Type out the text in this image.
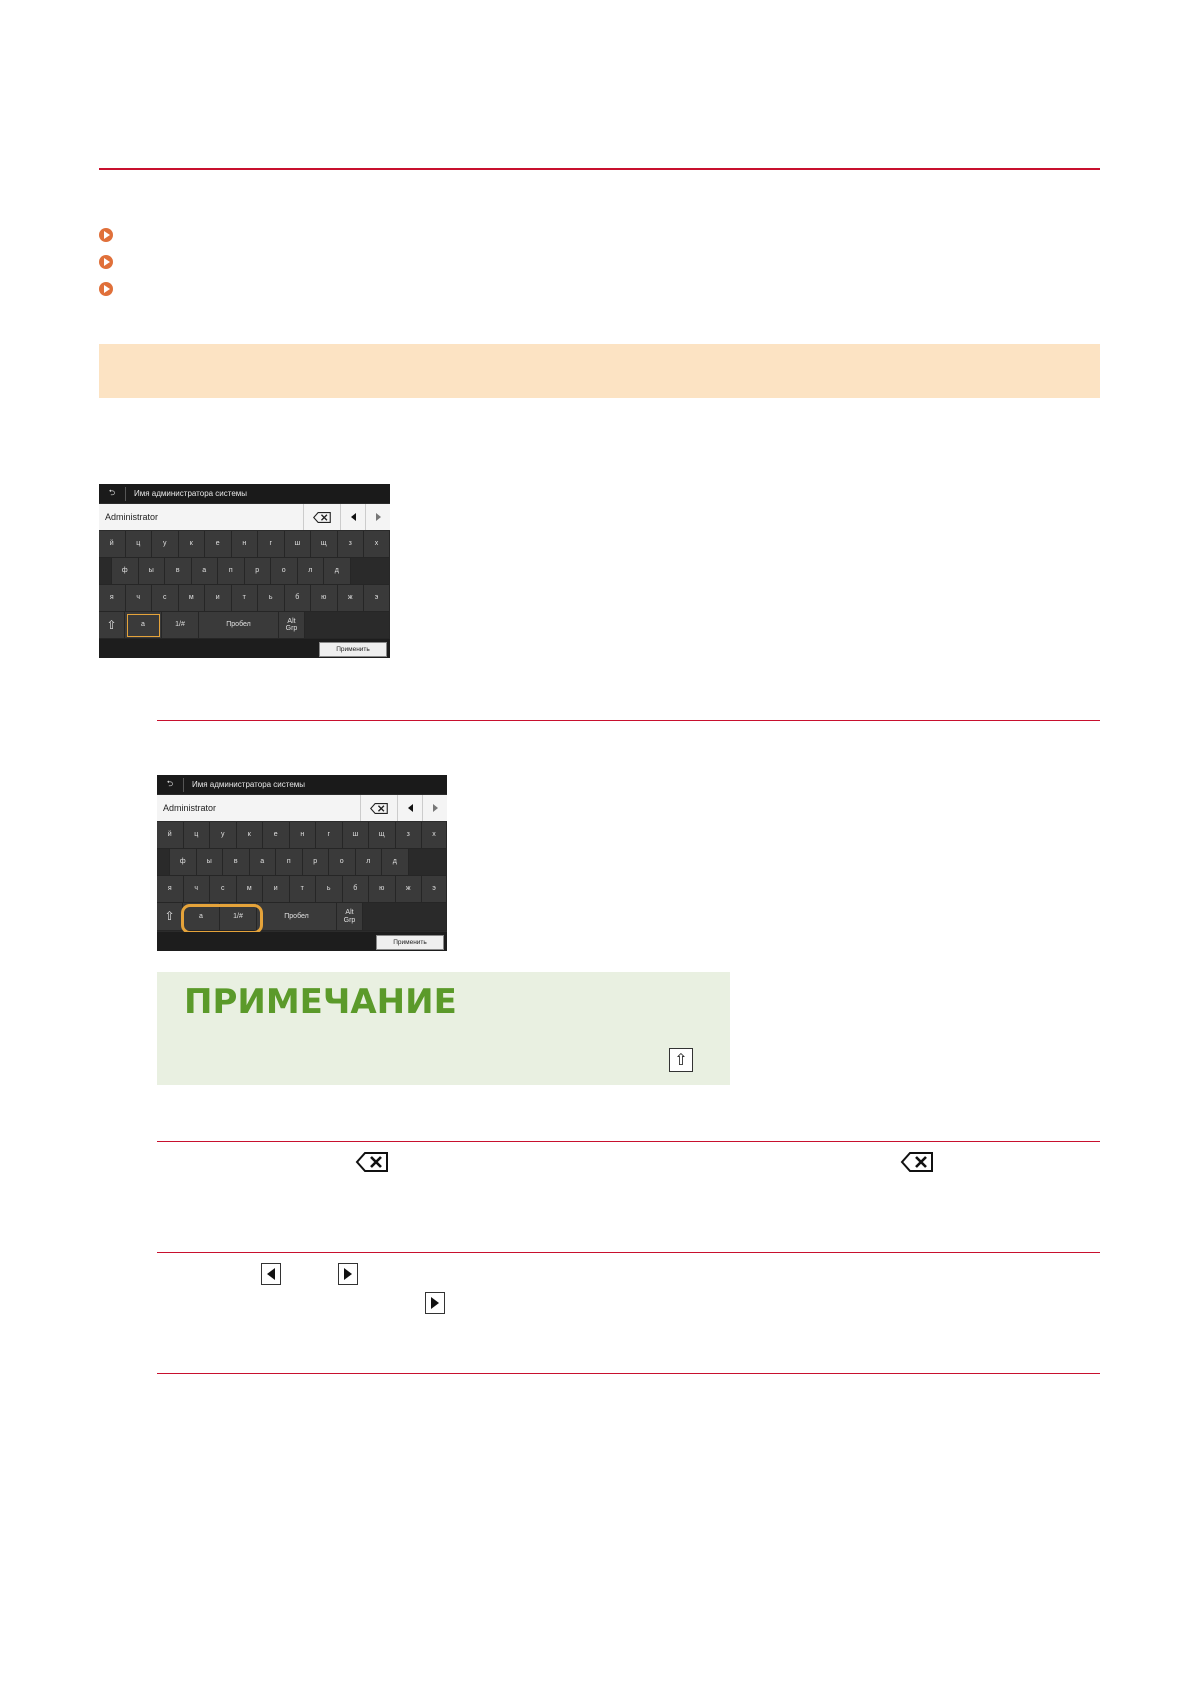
⮌	Имя администратора системы
Administrator
й	ц	у	к	е	н	г	ш	щ	з	х
ф	ы	в	а	п	р	о	л	д
я	ч	с	м	и	т	ь	б	ю	ж	э
⇧	а	1/#	Пробел
Alt
Grp
Применить
⮌	Имя администратора системы
Administrator
й	ц	у	к	е	н	г	ш	щ	з	х
ф	ы	в	а	п	р	о	л	д
я	ч	с	м	и	т	ь	б	ю	ж	э
⇧	а	1/#	Пробел
Alt
Grp
Применить
ПРИМЕЧАНИЕ
⇧
